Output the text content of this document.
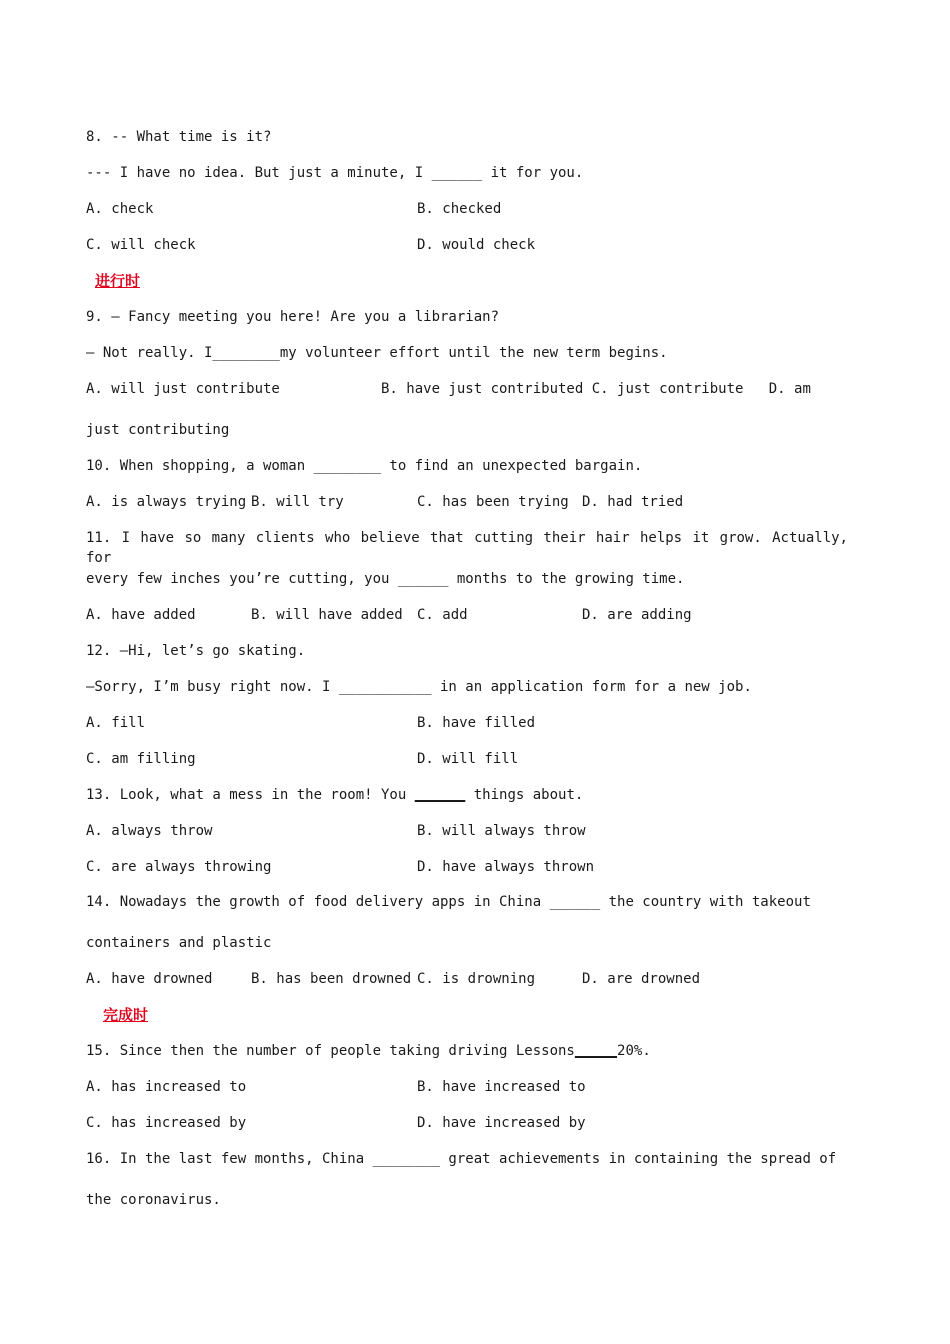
8. -- What time is it?
--- I have no idea. But just a minute, I ______ it for you.
A. check	B. checked
C. will check	D. would check
进行时
9. — Fancy meeting you here! Are you a librarian?
— Not really. I________my volunteer effort until the new term begins.
A. will just contribute            B. have just contributed C. just contribute   D. am
just contributing
10. When shopping, a woman ________ to find an unexpected bargain.
A. is always trying B. will try	C. has been trying D. had tried
11. I have so many clients who believe that cutting their hair helps it grow. Actually, for
every few inches you’re cutting, you ______ months to the growing time.
A. have added	B. will have added C. add	D. are adding
12. —Hi, let’s go skating.
—Sorry, I’m busy right now. I ___________ in an application form for a new job.
A. fill	B. have filled
C. am filling	D. will fill
13. Look, what a mess in the room! You	things about.
A. always throw	B. will always throw
C. are always throwing	D. have always thrown
14. Nowadays the growth of food delivery apps in China ______ the country with takeout
containers and plastic
A. have drowned	B. has been drowned C. is drowning	D. are drowned
完成时
15. Since then the number of people taking driving Lessons	20%.
A. has increased to	B. have increased to
C. has increased by	D. have increased by
16. In the last few months, China ________ great achievements in containing the spread of
the coronavirus.
